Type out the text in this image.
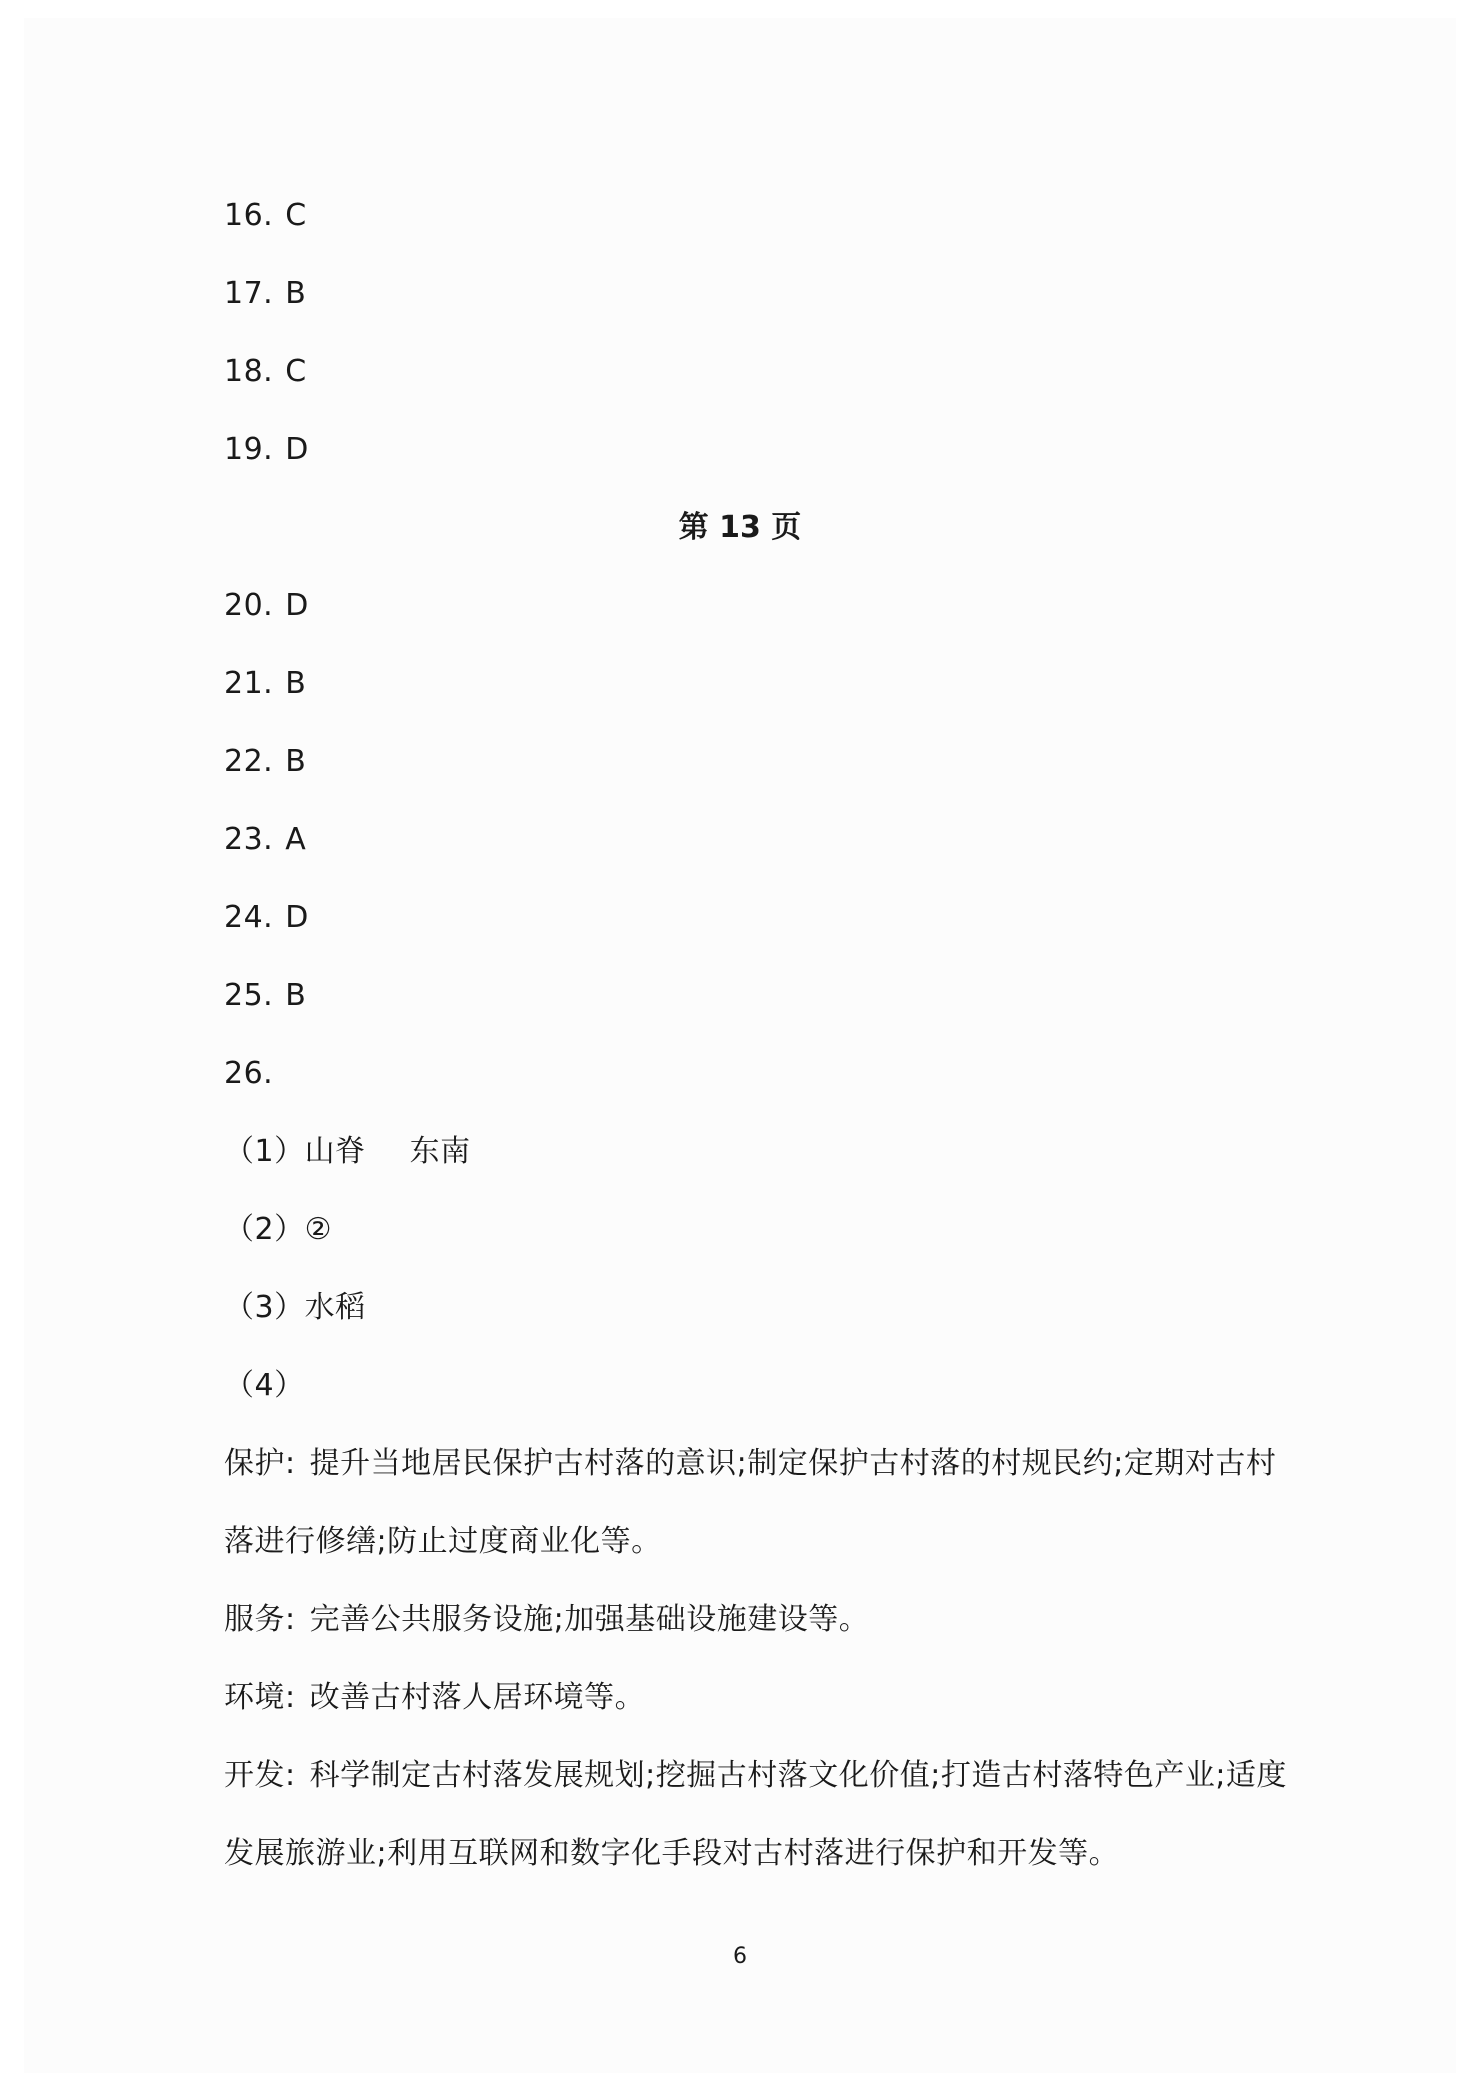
16. C

17. B

18. C

19. D

第 13 页

20. D

21. B

22. B

23. A

24. D

25. B

26.

（1）山脊 东南

（2）②

（3）水稻

（4）

保护: 提升当地居民保护古村落的意识;制定保护古村落的村规民约;定期对古村

落进行修缮;防止过度商业化等。

服务: 完善公共服务设施;加强基础设施建设等。

环境: 改善古村落人居环境等。

开发: 科学制定古村落发展规划;挖掘古村落文化价值;打造古村落特色产业;适度

发展旅游业;利用互联网和数字化手段对古村落进行保护和开发等。

6
